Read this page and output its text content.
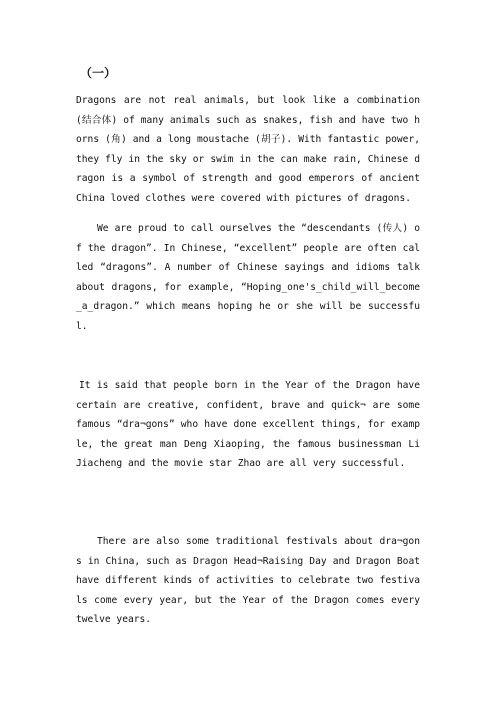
（一）

Dragons are not real animals, but look like a combination (结合体) of many animals such as snakes, fish and have two horns (角) and a long moustache (胡子). With fantastic power, they fly in the sky or swim in the can make rain, Chinese dragon is a symbol of strength and good emperors of ancient China loved clothes were covered with pictures of dragons.

We are proud to call ourselves the “descendants (传人) of the dragon”. In Chinese, “excellent” people are often called “dragons”. A number of Chinese sayings and idioms talk about dragons, for example, “Hoping_one's_child_will_become_a_dragon.” which means hoping he or she will be successful.

It is said that people born in the Year of the Dragon have certain are creative, confident, brave and quick¬ are some famous “dra¬gons” who have done excellent things, for example, the great man Deng Xiaoping, the famous businessman Li Jiacheng and the movie star Zhao are all very successful.

There are also some traditional festivals about dra¬gons in China, such as Dragon Head¬Raising Day and Dragon Boat have different kinds of activities to celebrate two festivals come every year, but the Year of the Dragon comes every twelve years.
